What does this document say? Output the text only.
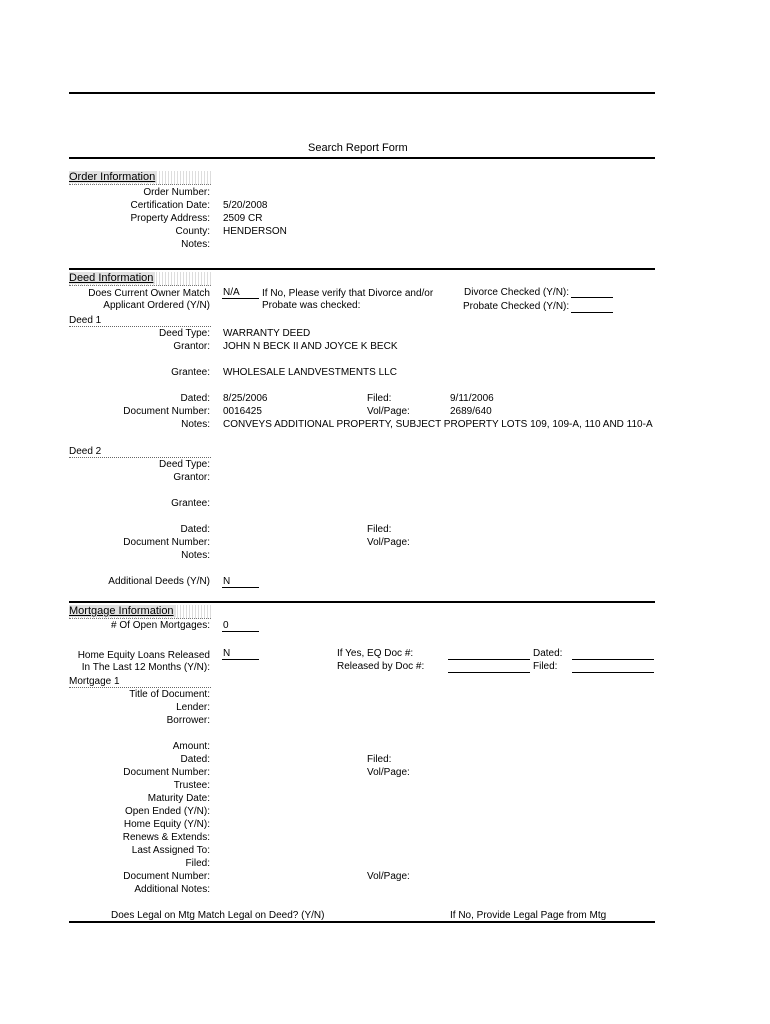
Search Report Form
Order Information
Order Number:
Certification Date: 5/20/2008
Property Address: 2509 CR
County: HENDERSON
Notes:
Deed Information
Does Current Owner Match
Applicant Ordered (Y/N)
N/A If No, Please verify that Divorce and/or
Probate was checked:
Divorce Checked (Y/N):
Probate Checked (Y/N):
Deed 1
Deed Type: WARRANTY DEED
Grantor: JOHN N BECK II AND JOYCE K BECK
Grantee: WHOLESALE LANDVESTMENTS LLC
Dated: 8/25/2006	Filed:	9/11/2006
Document Number: 0016425	Vol/Page:	2689/640
Notes: CONVEYS ADDITIONAL PROPERTY, SUBJECT PROPERTY LOTS 109, 109-A, 110 AND 110-A
Deed 2
Deed Type:
Grantor:
Grantee:
Dated:	Filed:
Document Number:	Vol/Page:
Notes:
Additional Deeds (Y/N) N
Mortgage Information
# Of Open Mortgages: 0
Home Equity Loans Released
In The Last 12 Months (Y/N):
N	If Yes, EQ Doc #:
Released by Doc #:
Dated:
Filed:
Mortgage 1
Title of Document:
Lender:
Borrower:
Amount:
Dated:	Filed:
Document Number:	Vol/Page:
Trustee:
Maturity Date:
Open Ended (Y/N):
Home Equity (Y/N):
Renews & Extends:
Last Assigned To:
Filed:
Document Number:	Vol/Page:
Additional Notes:
Does Legal on Mtg Match Legal on Deed? (Y/N)	If No, Provide Legal Page from Mtg
